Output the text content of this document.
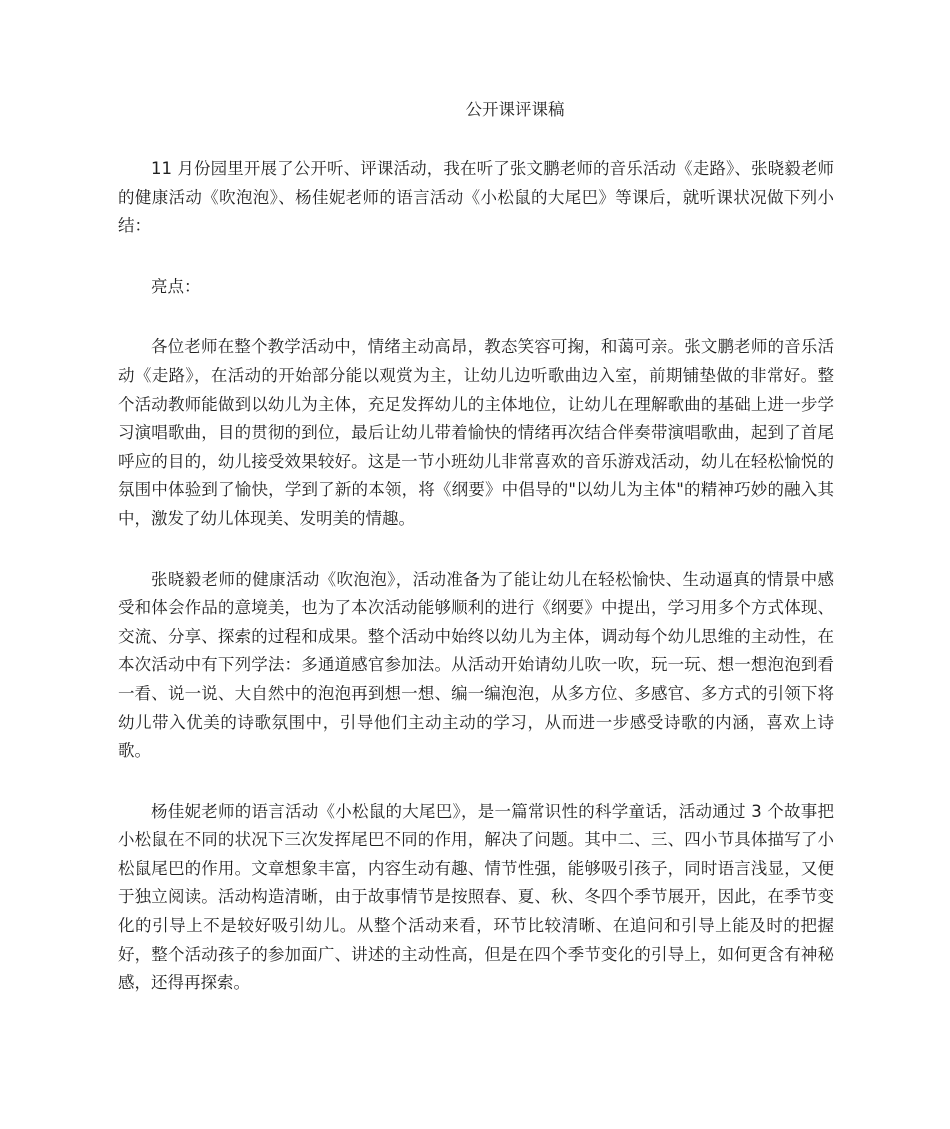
公开课评课稿

11 月份园里开展了公开听、评课活动，我在听了张文鹏老师的音乐活动《走路》、张晓毅老师的健康活动《吹泡泡》、杨佳妮老师的语言活动《小松鼠的大尾巴》等课后，就听课状况做下列小结：

亮点：

各位老师在整个教学活动中，情绪主动高昂，教态笑容可掬，和蔼可亲。张文鹏老师的音乐活动《走路》，在活动的开始部分能以观赏为主，让幼儿边听歌曲边入室，前期铺垫做的非常好。整个活动教师能做到以幼儿为主体，充足发挥幼儿的主体地位，让幼儿在理解歌曲的基础上进一步学习演唱歌曲，目的贯彻的到位，最后让幼儿带着愉快的情绪再次结合伴奏带演唱歌曲，起到了首尾呼应的目的，幼儿接受效果较好。这是一节小班幼儿非常喜欢的音乐游戏活动，幼儿在轻松愉悦的氛围中体验到了愉快，学到了新的本领，将《纲要》中倡导的"以幼儿为主体"的精神巧妙的融入其中，激发了幼儿体现美、发明美的情趣。

张晓毅老师的健康活动《吹泡泡》，活动准备为了能让幼儿在轻松愉快、生动逼真的情景中感受和体会作品的意境美，也为了本次活动能够顺利的进行《纲要》中提出，学习用多个方式体现、交流、分享、探索的过程和成果。整个活动中始终以幼儿为主体，调动每个幼儿思维的主动性，在本次活动中有下列学法：多通道感官参加法。从活动开始请幼儿吹一吹，玩一玩、想一想泡泡到看一看、说一说、大自然中的泡泡再到想一想、编一编泡泡，从多方位、多感官、多方式的引领下将幼儿带入优美的诗歌氛围中，引导他们主动主动的学习，从而进一步感受诗歌的内涵，喜欢上诗歌。

杨佳妮老师的语言活动《小松鼠的大尾巴》，是一篇常识性的科学童话，活动通过 3 个故事把小松鼠在不同的状况下三次发挥尾巴不同的作用，解决了问题。其中二、三、四小节具体描写了小松鼠尾巴的作用。文章想象丰富，内容生动有趣、情节性强，能够吸引孩子，同时语言浅显，又便于独立阅读。活动构造清晰，由于故事情节是按照春、夏、秋、冬四个季节展开，因此，在季节变化的引导上不是较好吸引幼儿。从整个活动来看，环节比较清晰、在追问和引导上能及时的把握好，整个活动孩子的参加面广、讲述的主动性高，但是在四个季节变化的引导上，如何更含有神秘感，还得再探索。
